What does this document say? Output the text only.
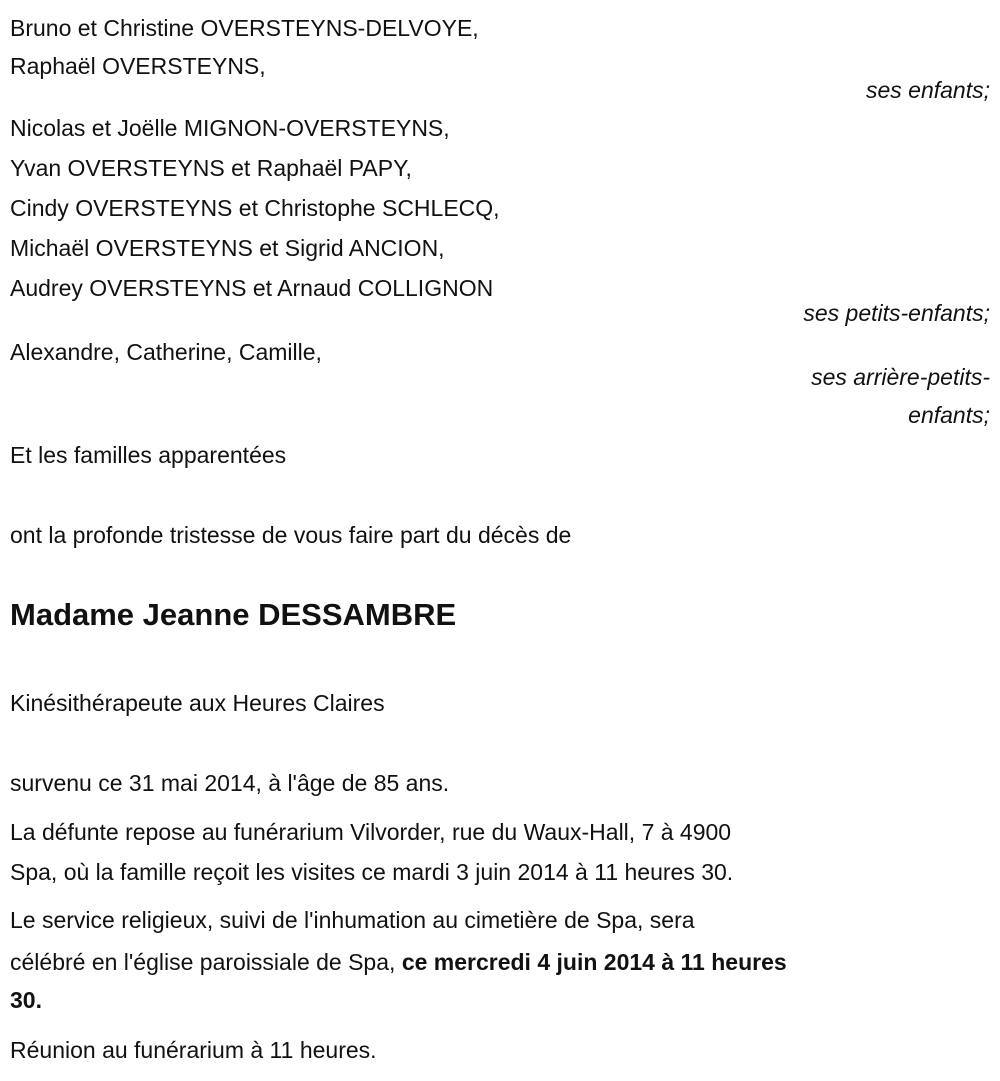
Bruno et Christine OVERSTEYNS-DELVOYE,
Raphaël OVERSTEYNS,
ses enfants;
Nicolas et Joëlle MIGNON-OVERSTEYNS,
Yvan OVERSTEYNS et Raphaël PAPY,
Cindy OVERSTEYNS et Christophe SCHLECQ,
Michaël OVERSTEYNS et Sigrid ANCION,
Audrey OVERSTEYNS et Arnaud COLLIGNON
ses petits-enfants;
Alexandre, Catherine, Camille,
ses arrière-petits-
enfants;
Et les familles apparentées
ont la profonde tristesse de vous faire part du décès de
Madame Jeanne DESSAMBRE
Kinésithérapeute aux Heures Claires
survenu ce 31 mai 2014, à l'âge de 85 ans.
La défunte repose au funérarium Vilvorder, rue du Waux-Hall, 7 à 4900
Spa, où la famille reçoit les visites ce mardi 3 juin 2014 à 11 heures 30.
Le service religieux, suivi de l'inhumation au cimetière de Spa, sera
célébré en l'église paroissiale de Spa, ce mercredi 4 juin 2014 à 11 heures
30.
Réunion au funérarium à 11 heures.
